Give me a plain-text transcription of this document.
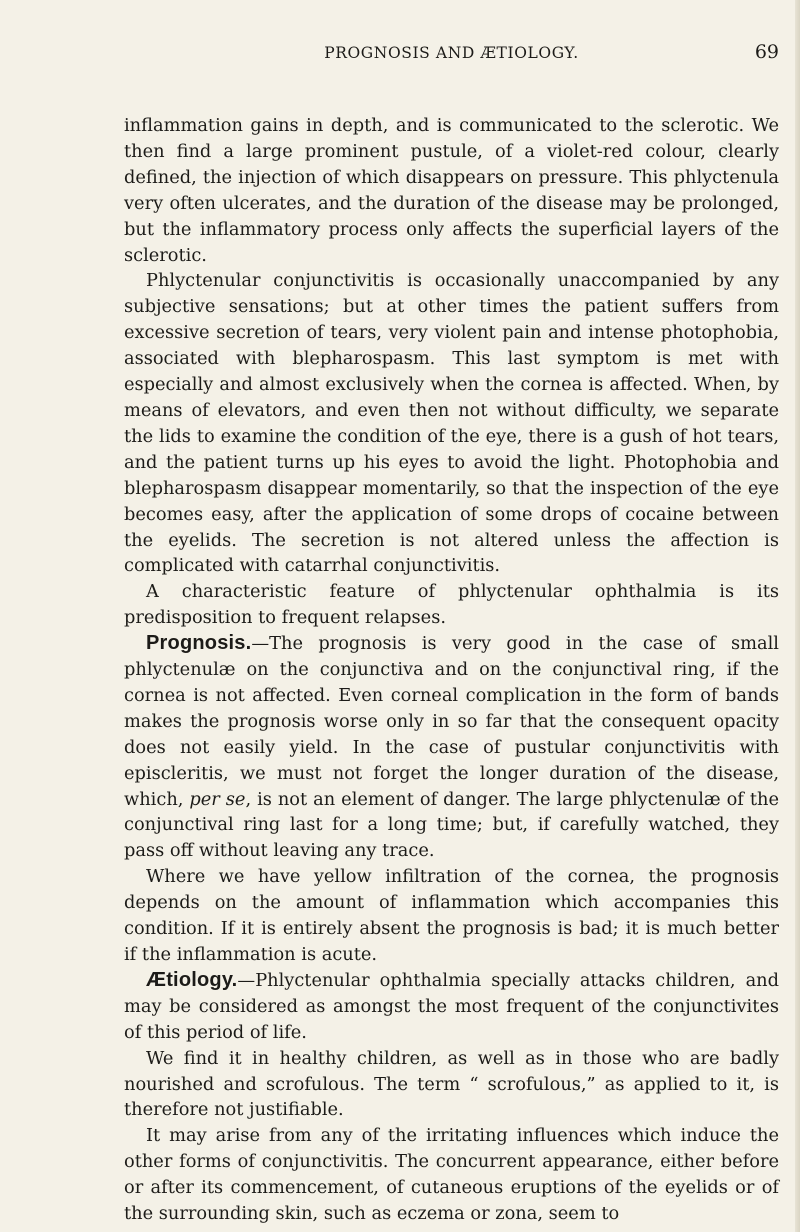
PROGNOSIS AND ÆTIOLOGY.	69

inflammation gains in depth, and is communicated to the sclerotic. We then find a large prominent pustule, of a violet-red colour, clearly defined, the injection of which disappears on pressure. This phlyctenula very often ulcerates, and the duration of the disease may be prolonged, but the inflammatory process only affects the superficial layers of the sclerotic.

Phlyctenular conjunctivitis is occasionally unaccompanied by any subjective sensations; but at other times the patient suffers from excessive secretion of tears, very violent pain and intense photophobia, associated with blepharospasm. This last symptom is met with especially and almost exclusively when the cornea is affected. When, by means of elevators, and even then not without difficulty, we separate the lids to examine the condition of the eye, there is a gush of hot tears, and the patient turns up his eyes to avoid the light. Photophobia and blepharospasm disappear momentarily, so that the inspection of the eye becomes easy, after the application of some drops of cocaine between the eyelids. The secretion is not altered unless the affection is complicated with catarrhal conjunctivitis.

A characteristic feature of phlyctenular ophthalmia is its predisposition to frequent relapses.

Prognosis.—The prognosis is very good in the case of small phlyctenulæ on the conjunctiva and on the conjunctival ring, if the cornea is not affected. Even corneal complication in the form of bands makes the prognosis worse only in so far that the consequent opacity does not easily yield. In the case of pustular conjunctivitis with episcleritis, we must not forget the longer duration of the disease, which, per se, is not an element of danger. The large phlyctenulæ of the conjunctival ring last for a long time; but, if carefully watched, they pass off without leaving any trace.

Where we have yellow infiltration of the cornea, the prognosis depends on the amount of inflammation which accompanies this condition. If it is entirely absent the prognosis is bad; it is much better if the inflammation is acute.

Ætiology.—Phlyctenular ophthalmia specially attacks children, and may be considered as amongst the most frequent of the conjunctivites of this period of life.

We find it in healthy children, as well as in those who are badly nourished and scrofulous. The term “ scrofulous,” as applied to it, is therefore not justifiable.

It may arise from any of the irritating influences which induce the other forms of conjunctivitis. The concurrent appearance, either before or after its commencement, of cutaneous eruptions of the eyelids or of the surrounding skin, such as eczema or zona, seem to
